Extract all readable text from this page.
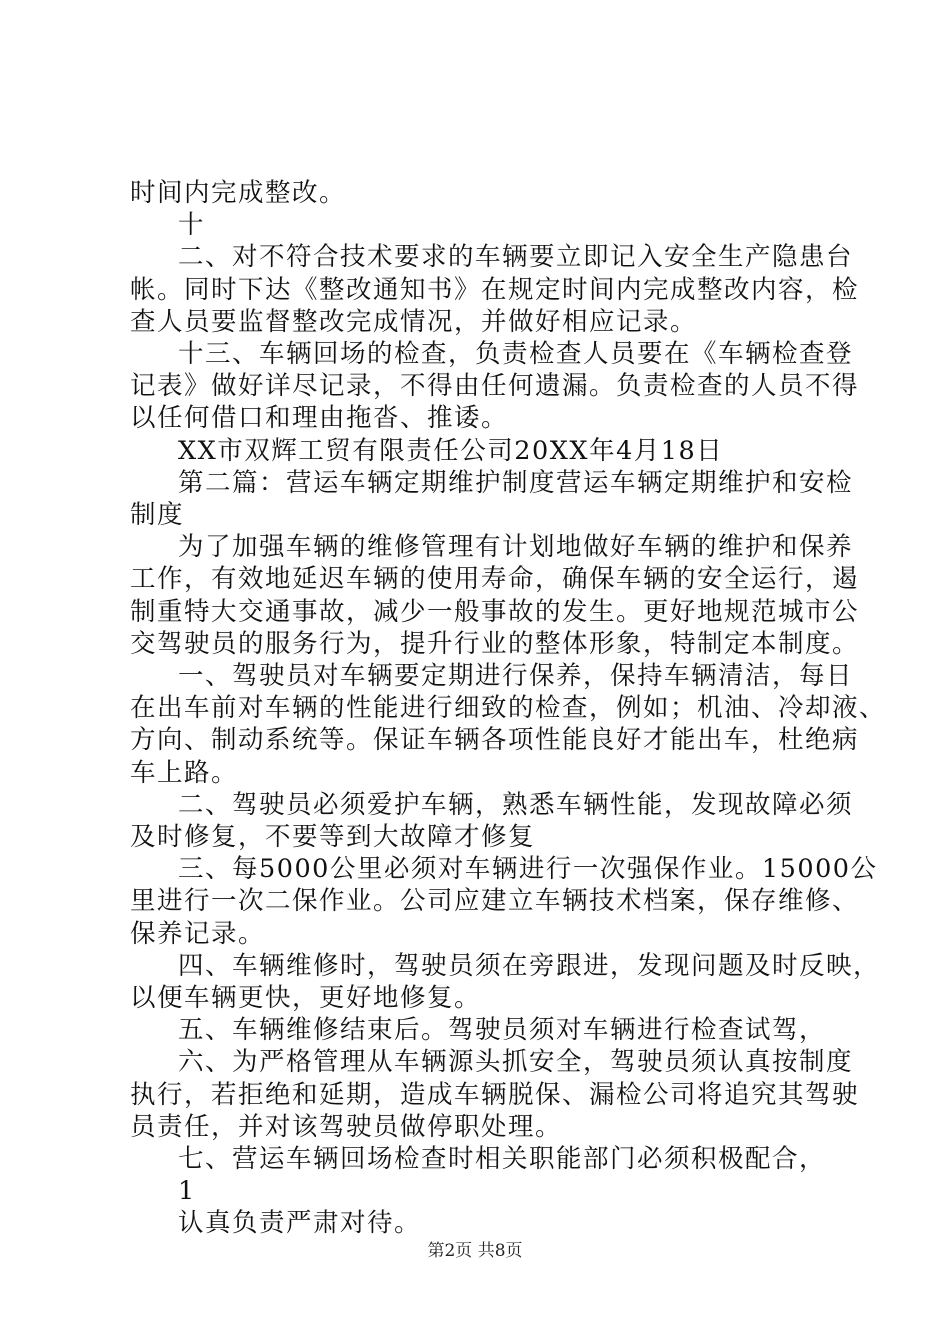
时间内完成整改。
十
二、对不符合技术要求的车辆要立即记入安全生产隐患台
帐。同时下达《整改通知书》在规定时间内完成整改内容，检
查人员要监督整改完成情况，并做好相应记录。
十三、车辆回场的检查，负责检查人员要在《车辆检查登
记表》做好详尽记录，不得由任何遗漏。负责检查的人员不得
以任何借口和理由拖沓、推诿。
XX市双辉工贸有限责任公司20XX年4月18日
第二篇：营运车辆定期维护制度营运车辆定期维护和安检
制度
为了加强车辆的维修管理有计划地做好车辆的维护和保养
工作，有效地延迟车辆的使用寿命，确保车辆的安全运行，遏
制重特大交通事故，减少一般事故的发生。更好地规范城市公
交驾驶员的服务行为，提升行业的整体形象，特制定本制度。
一、驾驶员对车辆要定期进行保养，保持车辆清洁，每日
在出车前对车辆的性能进行细致的检查，例如；机油、冷却液、
方向、制动系统等。保证车辆各项性能良好才能出车，杜绝病
车上路。
二、驾驶员必须爱护车辆，熟悉车辆性能，发现故障必须
及时修复，不要等到大故障才修复
三、每5000公里必须对车辆进行一次强保作业。15000公
里进行一次二保作业。公司应建立车辆技术档案，保存维修、
保养记录。
四、车辆维修时，驾驶员须在旁跟进，发现问题及时反映，
以便车辆更快，更好地修复。
五、车辆维修结束后。驾驶员须对车辆进行检查试驾，
六、为严格管理从车辆源头抓安全，驾驶员须认真按制度
执行，若拒绝和延期，造成车辆脱保、漏检公司将追究其驾驶
员责任，并对该驾驶员做停职处理。
七、营运车辆回场检查时相关职能部门必须积极配合，
1
认真负责严肃对待。
第2页 共8页
